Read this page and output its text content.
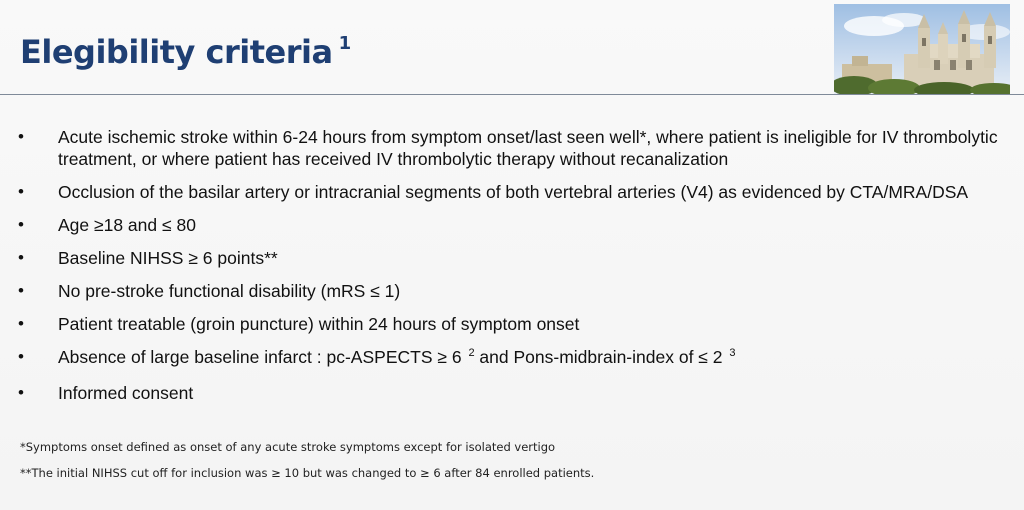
Elegibility criteria $^1$
• Acute ischemic stroke within 6-24 hours from symptom onset/last seen well*, where patient is ineligible for IV thrombolytic treatment, or where patient has received IV thrombolytic therapy without recanalization
• Occlusion of the basilar artery or intracranial segments of both vertebral arteries (V4) as evidenced by CTA/MRA/DSA
• Age ≥18 and ≤ 80
• Baseline NIHSS ≥ 6 points**
• No pre-stroke functional disability (mRS ≤ 1)
• Patient treatable (groin puncture) within 24 hours of symptom onset
• Absence of large baseline infarct : pc-ASPECTS ≥ 6 $^2$ and Pons-midbrain-index of ≤ 2 $^3$
• Informed consent

*Symptoms onset defined as onset of any acute stroke symptoms except for isolated vertigo

**The initial NIHSS cut off for inclusion was ≥ 10 but was changed to ≥ 6 after 84 enrolled patients.
